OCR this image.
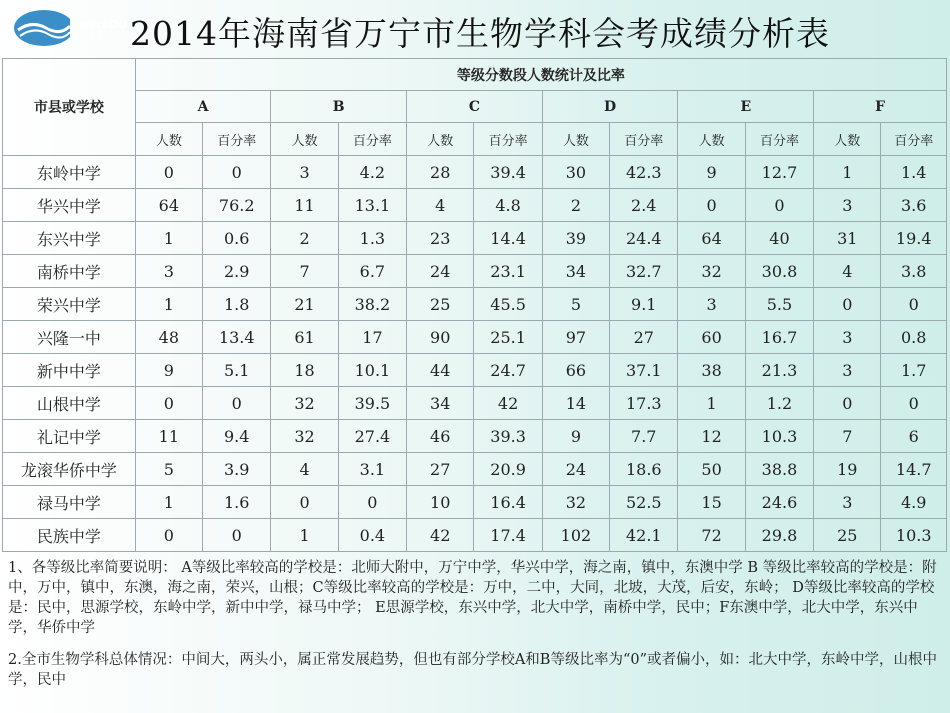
DearEDU
第二教育 2014年海南省万宁市生物学科会考成绩分析表
市县或学校	等级分数段人数统计及比率											
	A		B		C		D		E		F	
	人数	百分率	人数	百分率	人数	百分率	人数	百分率	人数	百分率	人数	百分率
东岭中学	0	0	3	4.2	28	39.4	30	42.3	9	12.7	1	1.4
华兴中学	64	76.2	11	13.1	4	4.8	2	2.4	0	0	3	3.6
东兴中学	1	0.6	2	1.3	23	14.4	39	24.4	64	40	31	19.4
南桥中学	3	2.9	7	6.7	24	23.1	34	32.7	32	30.8	4	3.8
荣兴中学	1	1.8	21	38.2	25	45.5	5	9.1	3	5.5	0	0
兴隆一中	48	13.4	61	17	90	25.1	97	27	60	16.7	3	0.8
新中中学	9	5.1	18	10.1	44	24.7	66	37.1	38	21.3	3	1.7
山根中学	0	0	32	39.5	34	42	14	17.3	1	1.2	0	0
礼记中学	11	9.4	32	27.4	46	39.3	9	7.7	12	10.3	7	6
龙滚华侨中学	5	3.9	4	3.1	27	20.9	24	18.6	50	38.8	19	14.7
禄马中学	1	1.6	0	0	10	16.4	32	52.5	15	24.6	3	4.9
民族中学	0	0	1	0.4	42	17.4	102	42.1	72	29.8	25	10.3

1、各等级比率简要说明： A等级比率较高的学校是：北师大附中，万宁中学，华兴中学，海之南，镇中，东澳中学 B 等级比率较高的学校是：附中，万中，镇中，东澳，海之南，荣兴，山根；C等级比率较高的学校是：万中，二中，大同，北坡，大茂，后安，东岭； D等级比率较高的学校是：民中，思源学校，东岭中学，新中中学，禄马中学； E思源学校，东兴中学，北大中学，南桥中学，民中；F东澳中学，北大中学，东兴中学，华侨中学

2.全市生物学科总体情况：中间大，两头小，属正常发展趋势，但也有部分学校A和B等级比率为“0”或者偏小，如：北大中学，东岭中学，山根中学，民中
